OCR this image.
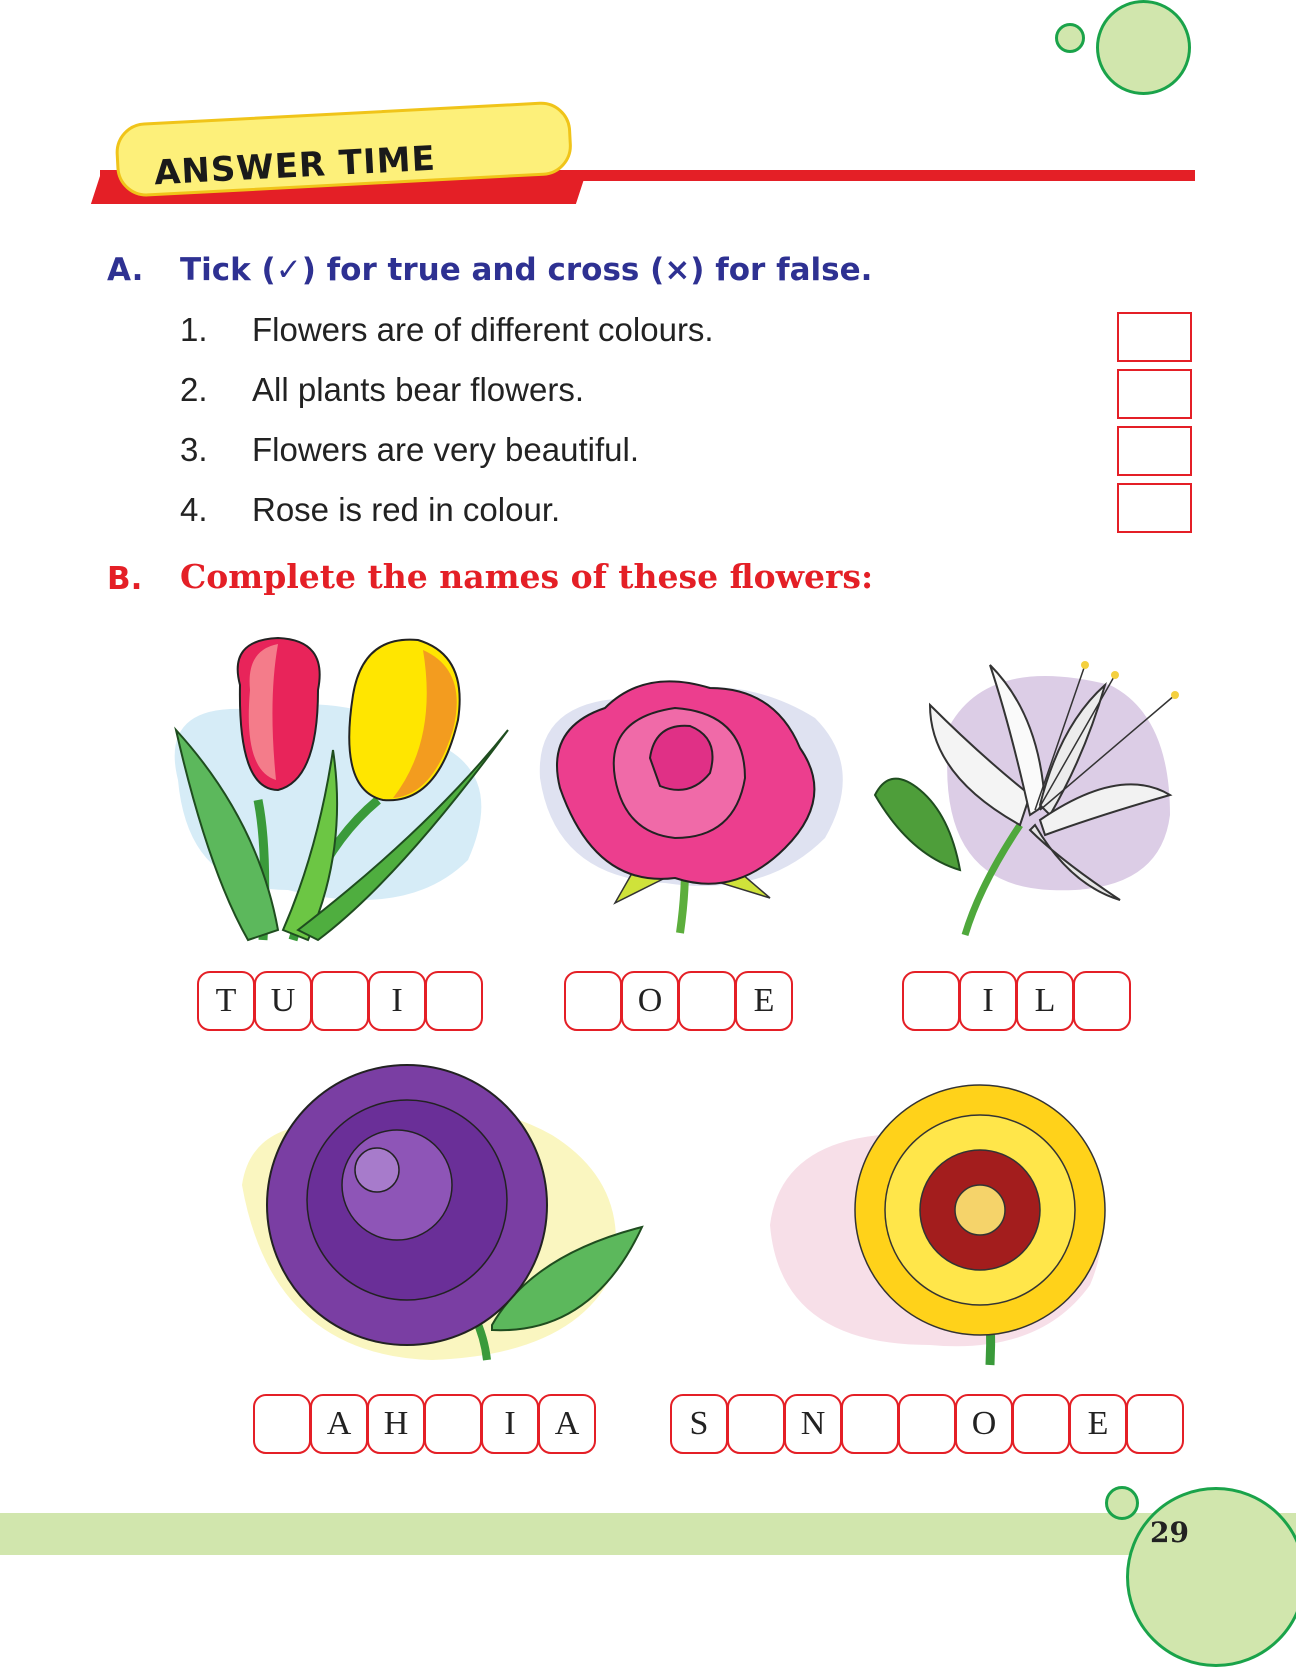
ANSWER TIME
A. Tick (✓) for true and cross (×) for false.
1. Flowers are of different colours.
2. All plants bear flowers.
3. Flowers are very beautiful.
4. Rose is red in colour.
B. Complete the names of these flowers:
T	U	I	O	E	I	L
A H	I	A	S	N	O	E
29
